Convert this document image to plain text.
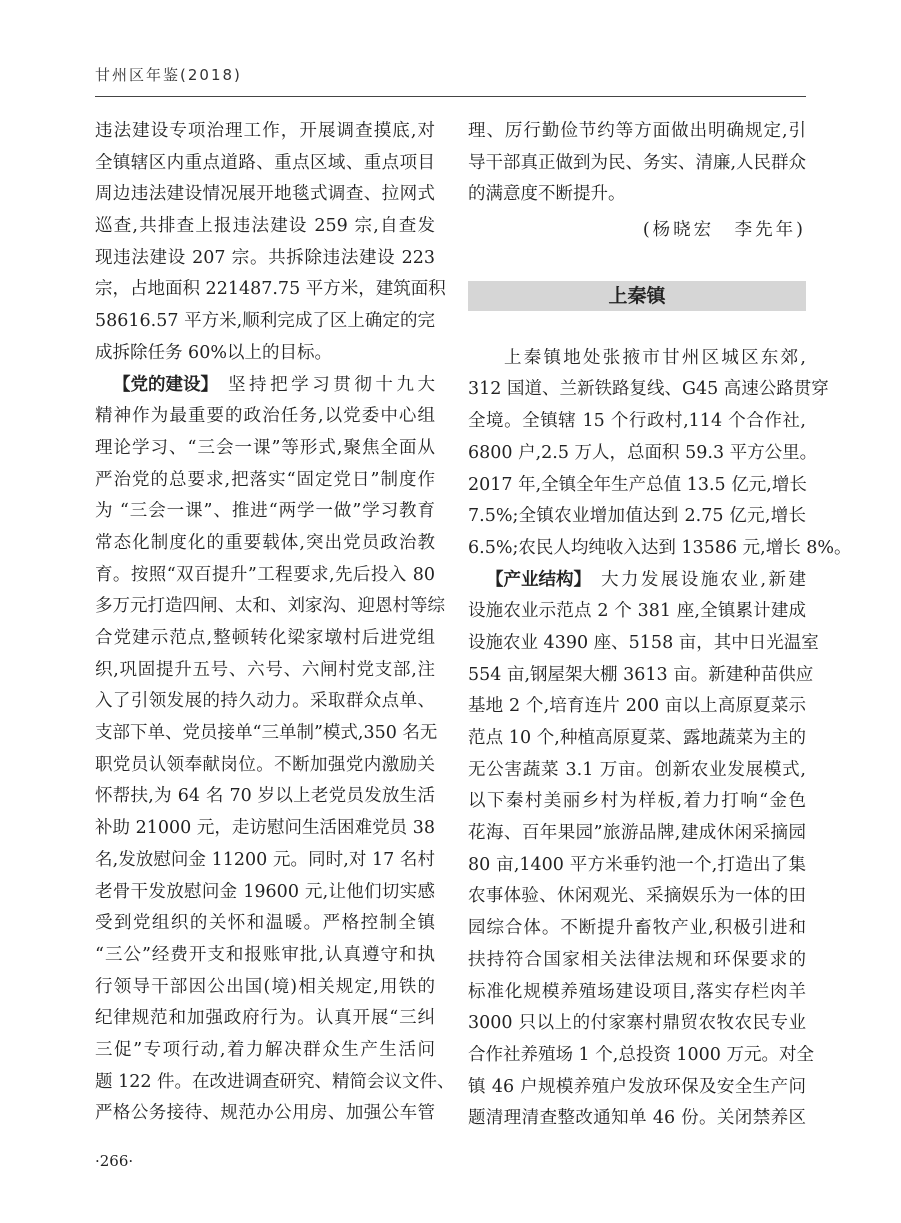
甘州区年鉴(2018)
违法建设专项治理工作，开展调查摸底,对
全镇辖区内重点道路、重点区域、重点项目
周边违法建设情况展开地毯式调查、拉网式
巡查,共排查上报违法建设 259 宗,自查发
现违法建设 207 宗。共拆除违法建设 223
宗，占地面积 221487.75 平方米，建筑面积
58616.57 平方米,顺利完成了区上确定的完
成拆除任务 60%以上的目标。
【党的建设】 坚持把学习贯彻十九大
精神作为最重要的政治任务,以党委中心组
理论学习、“三会一课”等形式,聚焦全面从
严治党的总要求,把落实“固定党日”制度作
为 “三会一课”、推进“两学一做”学习教育
常态化制度化的重要载体,突出党员政治教
育。按照“双百提升”工程要求,先后投入 80
多万元打造四闸、太和、刘家沟、迎恩村等综
合党建示范点,整顿转化梁家墩村后进党组
织,巩固提升五号、六号、六闸村党支部,注
入了引领发展的持久动力。采取群众点单、
支部下单、党员接单“三单制”模式,350 名无
职党员认领奉献岗位。不断加强党内激励关
怀帮扶,为 64 名 70 岁以上老党员发放生活
补助 21000 元，走访慰问生活困难党员 38
名,发放慰问金 11200 元。同时,对 17 名村
老骨干发放慰问金 19600 元,让他们切实感
受到党组织的关怀和温暖。严格控制全镇
“三公”经费开支和报账审批,认真遵守和执
行领导干部因公出国(境)相关规定,用铁的
纪律规范和加强政府行为。认真开展“三纠
三促”专项行动,着力解决群众生产生活问
题 122 件。在改进调查研究、精简会议文件、
严格公务接待、规范办公用房、加强公车管
理、厉行勤俭节约等方面做出明确规定,引
导干部真正做到为民、务实、清廉,人民群众
的满意度不断提升。
(杨晓宏　李先年)
上秦镇
上秦镇地处张掖市甘州区城区东郊,
312 国道、兰新铁路复线、G45 高速公路贯穿
全境。全镇辖 15 个行政村,114 个合作社,
6800 户,2.5 万人，总面积 59.3 平方公里。
2017 年,全镇全年生产总值 13.5 亿元,增长
7.5%;全镇农业增加值达到 2.75 亿元,增长
6.5%;农民人均纯收入达到 13586 元,增长 8%。
【产业结构】 大力发展设施农业,新建
设施农业示范点 2 个 381 座,全镇累计建成
设施农业 4390 座、5158 亩，其中日光温室
554 亩,钢屋架大棚 3613 亩。新建种苗供应
基地 2 个,培育连片 200 亩以上高原夏菜示
范点 10 个,种植高原夏菜、露地蔬菜为主的
无公害蔬菜 3.1 万亩。创新农业发展模式,
以下秦村美丽乡村为样板,着力打响“金色
花海、百年果园”旅游品牌,建成休闲采摘园
80 亩,1400 平方米垂钓池一个,打造出了集
农事体验、休闲观光、采摘娱乐为一体的田
园综合体。不断提升畜牧产业,积极引进和
扶持符合国家相关法律法规和环保要求的
标准化规模养殖场建设项目,落实存栏肉羊
3000 只以上的付家寨村鼎贸农牧农民专业
合作社养殖场 1 个,总投资 1000 万元。对全
镇 46 户规模养殖户发放环保及安全生产问
题清理清查整改通知单 46 份。关闭禁养区
·266·
